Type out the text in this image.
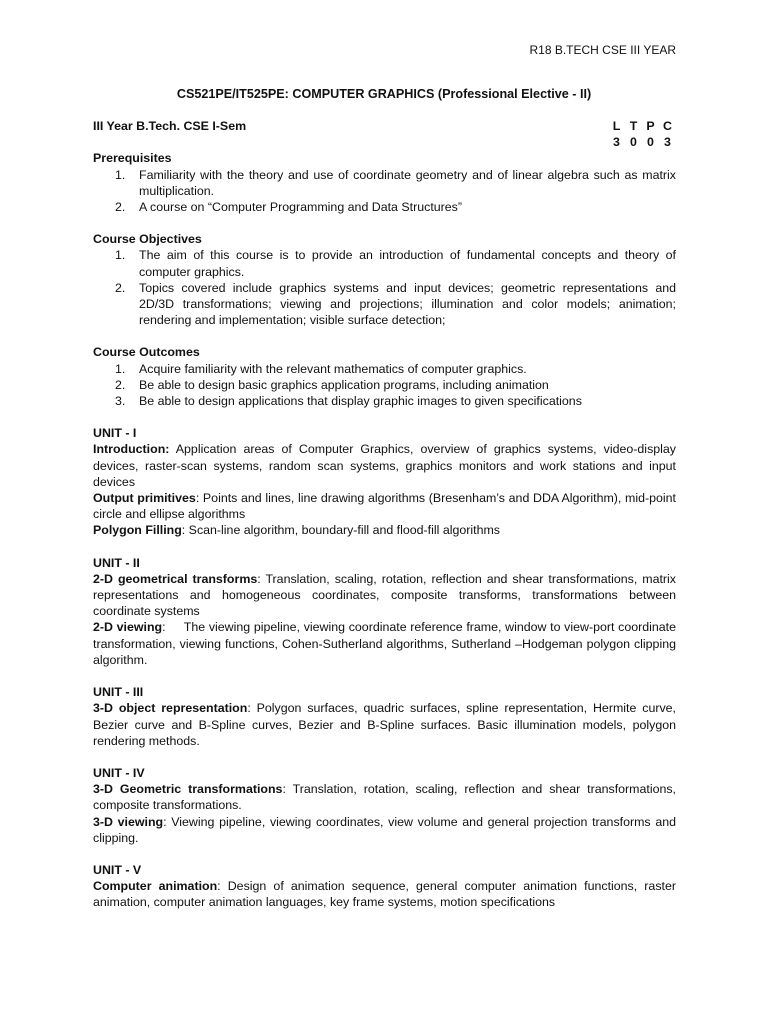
R18 B.TECH CSE III YEAR
CS521PE/IT525PE: COMPUTER GRAPHICS (Professional Elective - II)
III Year B.Tech. CSE I-Sem	L T P C
3 0 0 3
Prerequisites
1. Familiarity with the theory and use of coordinate geometry and of linear algebra such as matrix multiplication.
2. A course on “Computer Programming and Data Structures”
Course Objectives
1. The aim of this course is to provide an introduction of fundamental concepts and theory of computer graphics.
2. Topics covered include graphics systems and input devices; geometric representations and 2D/3D transformations; viewing and projections; illumination and color models; animation; rendering and implementation; visible surface detection;
Course Outcomes
1. Acquire familiarity with the relevant mathematics of computer graphics.
2. Be able to design basic graphics application programs, including animation
3. Be able to design applications that display graphic images to given specifications
UNIT - I
Introduction: Application areas of Computer Graphics, overview of graphics systems, video-display devices, raster-scan systems, random scan systems, graphics monitors and work stations and input devices
Output primitives: Points and lines, line drawing algorithms (Bresenham’s and DDA Algorithm), mid-point circle and ellipse algorithms
Polygon Filling: Scan-line algorithm, boundary-fill and flood-fill algorithms
UNIT - II
2-D geometrical transforms: Translation, scaling, rotation, reflection and shear transformations, matrix representations and homogeneous coordinates, composite transforms, transformations between coordinate systems
2-D viewing:     The viewing pipeline, viewing coordinate reference frame, window to view-port coordinate transformation, viewing functions, Cohen-Sutherland algorithms, Sutherland –Hodgeman polygon clipping algorithm.
UNIT - III
3-D object representation: Polygon surfaces, quadric surfaces, spline representation, Hermite curve, Bezier curve and B-Spline curves, Bezier and B-Spline surfaces. Basic illumination models, polygon rendering methods.
UNIT - IV
3-D Geometric transformations: Translation, rotation, scaling, reflection and shear transformations, composite transformations.
3-D viewing: Viewing pipeline, viewing coordinates, view volume and general projection transforms and clipping.
UNIT - V
Computer animation: Design of animation sequence, general computer animation functions, raster animation, computer animation languages, key frame systems, motion specifications
